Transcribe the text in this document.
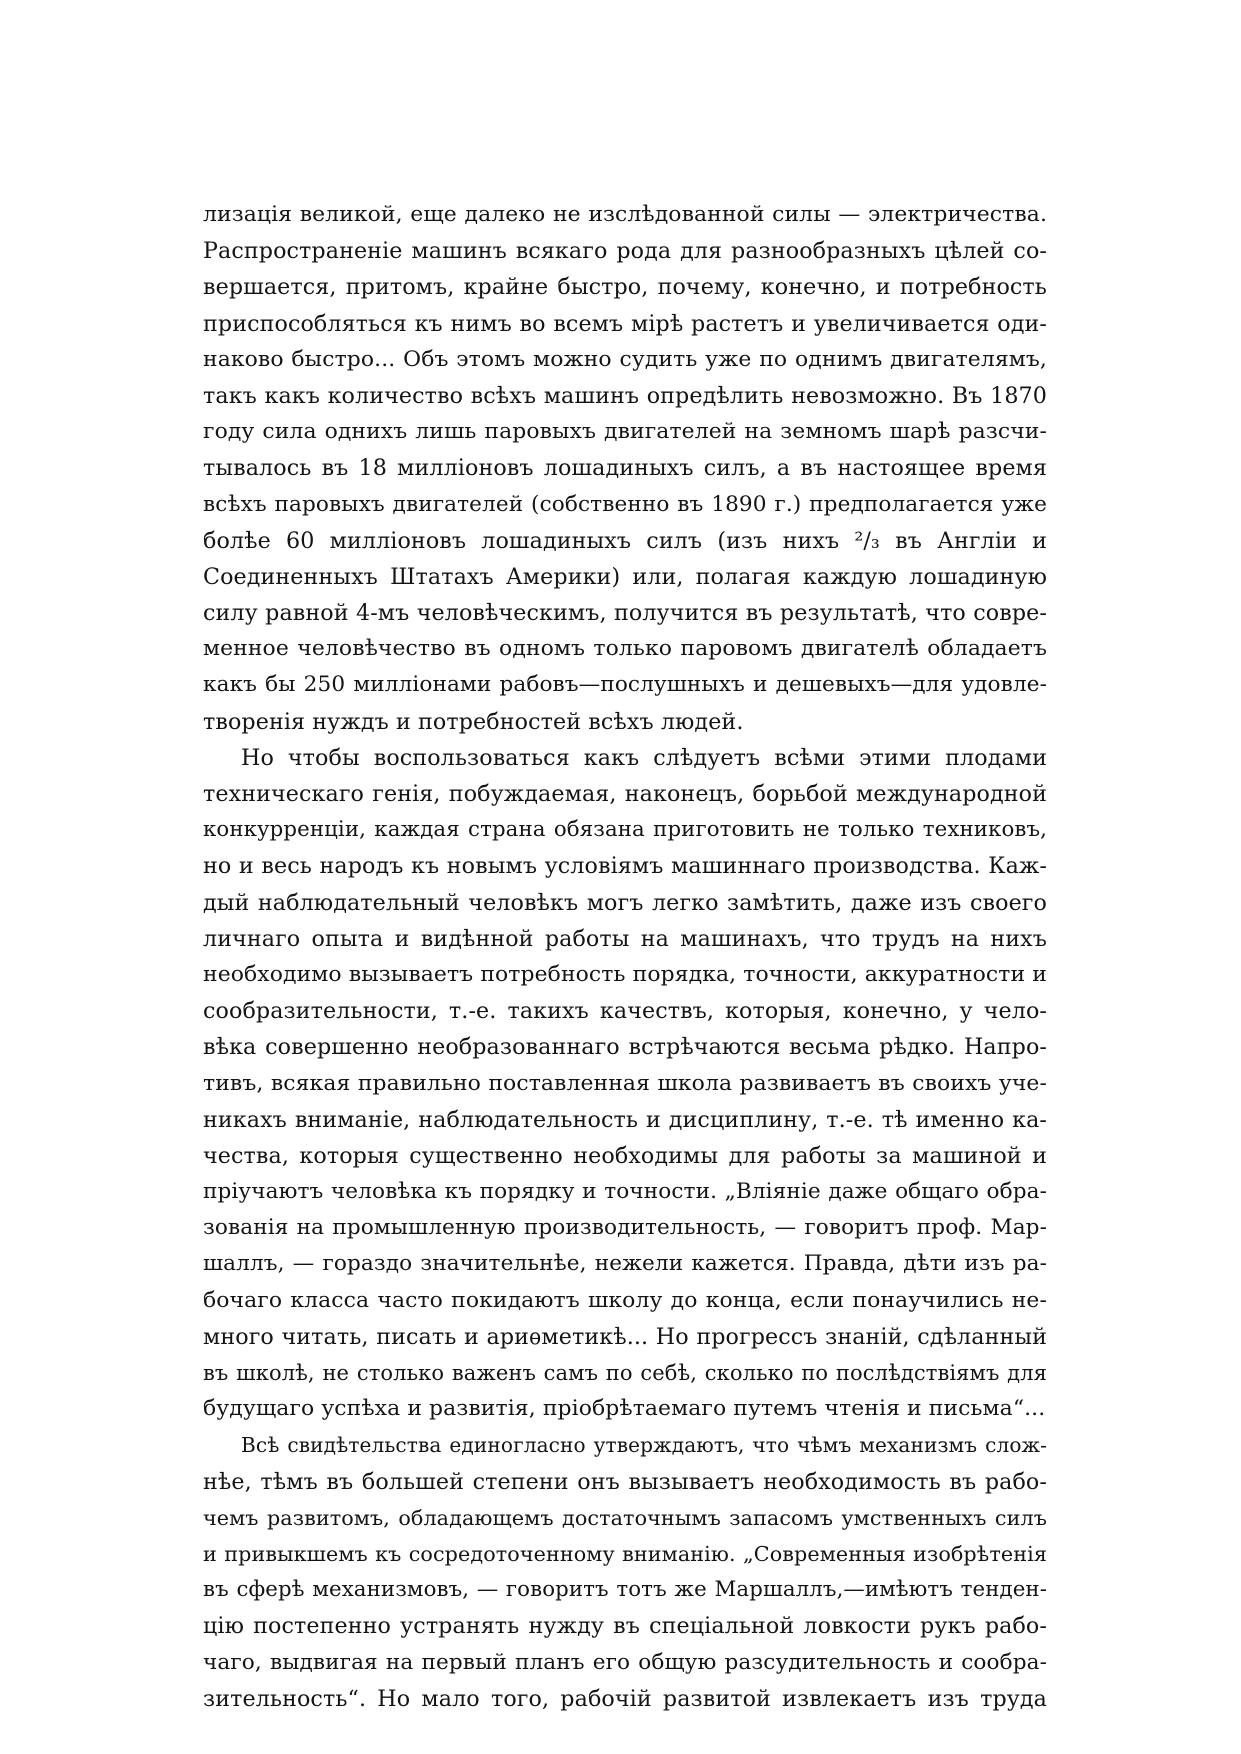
лизація великой, еще далеко не изслѣдованной силы — электричества.
Распространеніе машинъ всякаго рода для разнообразныхъ цѣлей со-
вершается, притомъ, крайне быстро, почему, конечно, и потребность
приспособляться къ нимъ во всемъ мірѣ растетъ и увеличивается оди-
наково быстро... Объ этомъ можно судить уже по однимъ двигателямъ,
такъ какъ количество всѣхъ машинъ опредѣлить невозможно. Въ 1870
году сила однихъ лишь паровыхъ двигателей на земномъ шарѣ разсчи-
тывалось въ 18 милліоновъ лошадиныхъ силъ, а въ настоящее время
всѣхъ паровыхъ двигателей (собственно въ 1890 г.) предполагается уже
болѣе 60 милліоновъ лошадиныхъ силъ (изъ нихъ ²/₃ въ Англіи и
Соединенныхъ Штатахъ Америки) или, полагая каждую лошадиную
силу равной 4-мъ человѣческимъ, получится въ результатѣ, что совре-
менное человѣчество въ одномъ только паровомъ двигателѣ обладаетъ
какъ бы 250 милліонами рабовъ—послушныхъ и дешевыхъ—для удовле-
творенія нуждъ и потребностей всѣхъ людей.
Но чтобы воспользоваться какъ слѣдуетъ всѣми этими плодами
техническаго генія, побуждаемая, наконецъ, борьбой международной
конкурренціи, каждая страна обязана приготовить не только техниковъ,
но и весь народъ къ новымъ условіямъ машиннаго производства. Каж-
дый наблюдательный человѣкъ могъ легко замѣтить, даже изъ своего
личнаго опыта и видѣнной работы на машинахъ, что трудъ на нихъ
необходимо вызываетъ потребность порядка, точности, аккуратности и
сообразительности, т.-е. такихъ качествъ, которыя, конечно, у чело-
вѣка совершенно необразованнаго встрѣчаются весьма рѣдко. Напро-
тивъ, всякая правильно поставленная школа развиваетъ въ своихъ уче-
никахъ вниманіе, наблюдательность и дисциплину, т.-е. тѣ именно ка-
чества, которыя существенно необходимы для работы за машиной и
пріучаютъ человѣка къ порядку и точности. „Вліяніе даже общаго обра-
зованія на промышленную производительность, — говоритъ проф. Мар-
шаллъ, — гораздо значительнѣе, нежели кажется. Правда, дѣти изъ ра-
бочаго класса часто покидаютъ школу до конца, если понаучились не-
много читать, писать и ариѳметикѣ... Но прогрессъ знаній, сдѣланный
въ школѣ, не столько важенъ самъ по себѣ, сколько по послѣдствіямъ для
будущаго успѣха и развитія, пріобрѣтаемаго путемъ чтенія и письма“...
Всѣ свидѣтельства единогласно утверждаютъ, что чѣмъ механизмъ слож-
нѣе, тѣмъ въ большей степени онъ вызываетъ необходимость въ рабо-
чемъ развитомъ, обладающемъ достаточнымъ запасомъ умственныхъ силъ
и привыкшемъ къ сосредоточенному вниманію. „Современныя изобрѣтенія
въ сферѣ механизмовъ, — говоритъ тотъ же Маршаллъ,—имѣютъ тенден-
цію постепенно устранять нужду въ спеціальной ловкости рукъ рабо-
чаго, выдвигая на первый планъ его общую разсудительность и сообра-
зительность“. Но мало того, рабочій развитой извлекаетъ изъ труда
